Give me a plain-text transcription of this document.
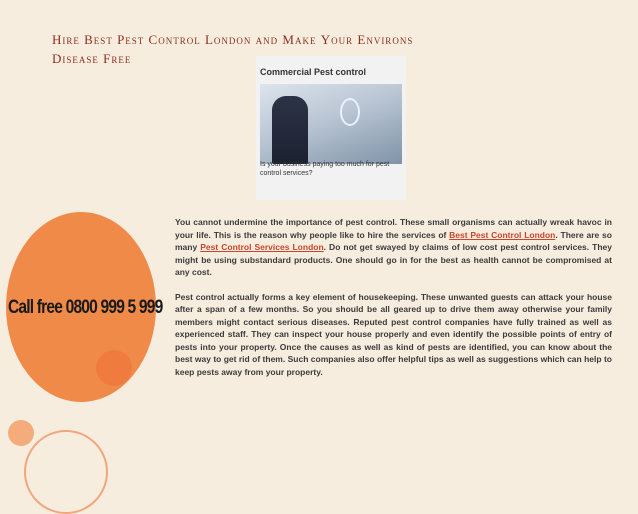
Call free 0800 999 5 999
Hire Best Pest Control London and Make Your Environs
Disease Free
Commercial Pest control
Is your business paying too much for pest control services?

You cannot undermine the importance of pest control. These small organisms can actually wreak havoc in your life. This is the reason why people like to hire the services of Best Pest Control London. There are so many Pest Control Services London. Do not get swayed by claims of low cost pest control services. They might be using substandard products. One should go in for the best as health cannot be compromised at any cost.

Pest control actually forms a key element of housekeeping. These unwanted guests can attack your house after a span of a few months. So you should be all geared up to drive them away otherwise your family members might contact serious diseases. Reputed pest control companies have fully trained as well as experienced staff. They can inspect your house properly and even identify the possible points of entry of pests into your property. Once the causes as well as kind of pests are identified, you can know about the best way to get rid of them. Such companies also offer helpful tips as well as suggestions which can help to keep pests away from your property.
